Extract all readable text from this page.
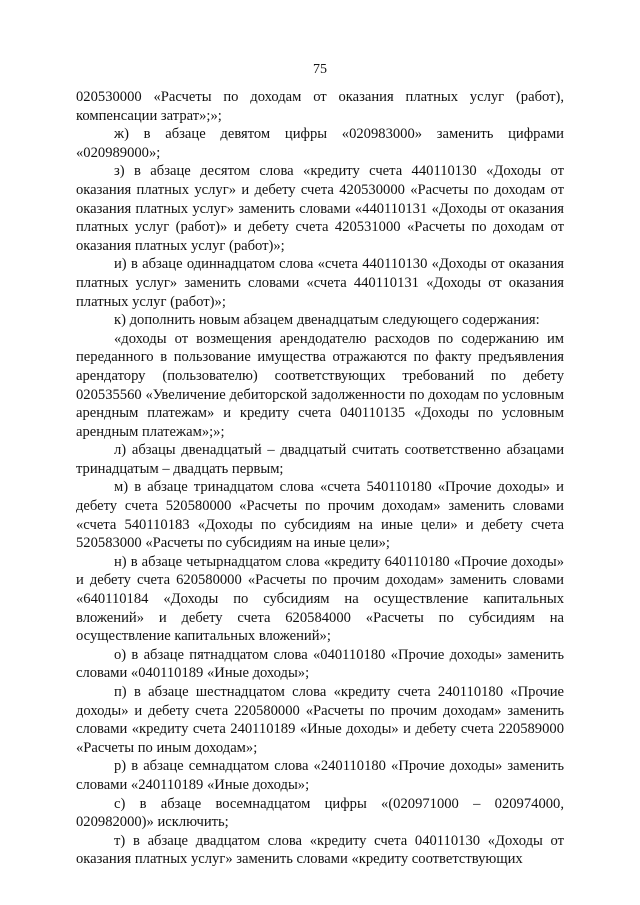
75

020530000 «Расчеты по доходам от оказания платных услуг (работ), компенсации затрат»;»;

ж) в абзаце девятом цифры «020983000» заменить цифрами «020989000»;

з) в абзаце десятом слова «кредиту счета 440110130 «Доходы от оказания платных услуг» и дебету счета 420530000 «Расчеты по доходам от оказания платных услуг» заменить словами «440110131 «Доходы от оказания платных услуг (работ)» и дебету счета 420531000 «Расчеты по доходам от оказания платных услуг (работ)»;

и) в абзаце одиннадцатом слова «счета 440110130 «Доходы от оказания платных услуг» заменить словами «счета 440110131 «Доходы от оказания платных услуг (работ)»;

к) дополнить новым абзацем двенадцатым следующего содержания:

«доходы от возмещения арендодателю расходов по содержанию им переданного в пользование имущества отражаются по факту предъявления арендатору (пользователю) соответствующих требований по дебету 020535560 «Увеличение дебиторской задолженности по доходам по условным арендным платежам» и кредиту счета 040110135 «Доходы по условным арендным платежам»;»;

л) абзацы двенадцатый – двадцатый считать соответственно абзацами тринадцатым – двадцать первым;

м) в абзаце тринадцатом слова «счета 540110180 «Прочие доходы» и дебету счета 520580000 «Расчеты по прочим доходам» заменить словами «счета 540110183 «Доходы по субсидиям на иные цели» и дебету счета 520583000 «Расчеты по субсидиям на иные цели»;

н) в абзаце четырнадцатом слова «кредиту 640110180 «Прочие доходы» и дебету счета 620580000 «Расчеты по прочим доходам» заменить словами «640110184 «Доходы по субсидиям на осуществление капитальных вложений» и дебету счета 620584000 «Расчеты по субсидиям на осуществление капитальных вложений»;

о) в абзаце пятнадцатом слова «040110180 «Прочие доходы» заменить словами «040110189 «Иные доходы»;

п) в абзаце шестнадцатом слова «кредиту счета 240110180 «Прочие доходы» и дебету счета 220580000 «Расчеты по прочим доходам» заменить словами «кредиту счета 240110189 «Иные доходы» и дебету счета 220589000 «Расчеты по иным доходам»;

р) в абзаце семнадцатом слова «240110180 «Прочие доходы» заменить словами «240110189 «Иные доходы»;

с) в абзаце восемнадцатом цифры «(020971000 – 020974000, 020982000)» исключить;

т) в абзаце двадцатом слова «кредиту счета 040110130 «Доходы от оказания платных услуг» заменить словами «кредиту соответствующих
